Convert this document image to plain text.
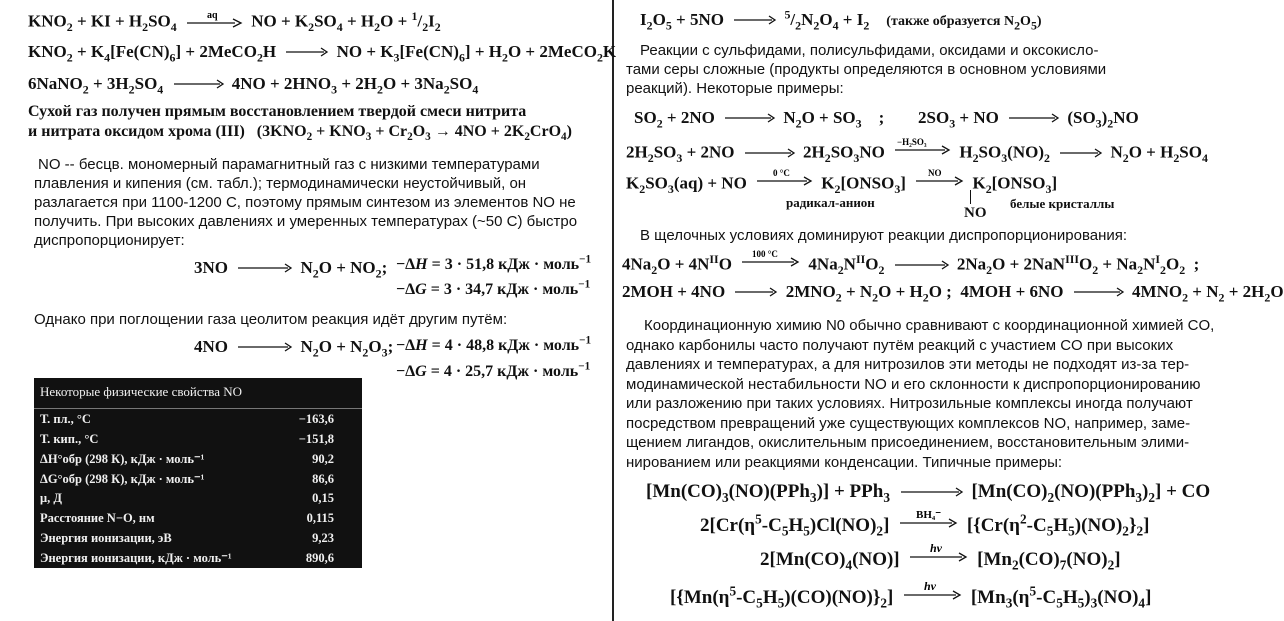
$KNO_2$ + KI + $H_2SO_4$
aq NO + $K_2SO_4 + H_2O + ^1/_2I_2$
$KNO_2 + K_4[Fe(CN)_6]$ + 2MeCO$_2$H → NO + $K_3[Fe(CN)_6] + H_2O$ + 2MeCO$_2$K
6NaNO$_2$ + $3H_2SO_4 \to 4NO + 2HNO_3 + 2H_2O + 3Na_2SO_4$
Сухой газ получен прямым восстановлением твердой смеси нитрита
и нитрата оксидом хрома (III) $(3KNO_2 + KNO_3 + Cr_2O_3 \to 4NO + 2K_2CrO_4)$
NO -- бесцв. мономерный парамагнитный газ с низкими температурами плавления и кипения (см. табл.); термодинамически неустойчивый, он разлагается при 1100-1200 С, поэтому прямым синтезом из элементов NO не получить. При высоких давлениях и умеренных температурах (~50 С) быстро диспропорционирует:
$3NO \to N_2O + NO_2$; −ΔH = 3 · 51,8 кДж · моль$^{-1}$
−ΔG = 3 · 34,7 кДж · моль$^{-1}$
Однако при поглощении газа цеолитом реакция идёт другим путём:
$4NO \to N_2O + N_2O_3$; −ΔH = 4 · 48,8 кДж · моль$^{-1}$
−ΔG = 4 · 25,7 кДж · моль$^{-1}$
Некоторые физические свойства NO	
Т. пл., °С	−163,6
Т. кип., °С	−151,8
ΔH°обр (298 К), кДж · моль⁻¹	90,2
ΔG°обр (298 К), кДж · моль⁻¹	86,6
μ, Д	0,15
Расстояние N−O, нм	0,115
Энергия ионизации, эВ	9,23
Энергия ионизации, кДж · моль⁻¹	890,6
$I_2O_5 + 5NO \to ^5/_2N_2O_4 + I_2$ (также образуется $N_2O_5$)
Реакции с сульфидами, полисульфидами, оксидами и оксокисло-
тами серы сложные (продукты определяются в основном условиями
реакций). Некоторые примеры:
$SO_2 + 2NO \to N_2O + SO_3$ ; $2SO_3$ + NO → $(SO_3)_2NO$
$2H_2SO_3 + 2NO \to 2H_2SO_3NO$
−H₂SO₃
$H_2SO_3(NO)_2 \to N_2O + H_2SO_4$
$K_2SO_3(aq)$ + NO
0 °C
$K_2[ONSO_3]$
NO
$K_2[ONSO_3]$
радикал-анион
NO
белые кристаллы
В щелочных условиях доминируют реакции диспропорционирования:
$4Na_2O + 4N^{II}O$
100 °C
$4Na_2N^{II}O_2 \to 2Na_2O + 2NaN^{III}O_2 + Na_2N^I_2O_2$ ;
$2MOH + 4NO \to 2MNO_2 + N_2O + H_2O$ ; $4MOH + 6NO \to 4MNO_2 + N_2 + 2H_2O$
Координационную химию N0 обычно сравнивают с координационной химией CO,
однако карбонилы часто получают путём реакций с участием CO при высоких
давлениях и температурах, а для нитрозилов эти методы не подходят из-за тер-
модинамической нестабильности NO и его склонности к диспропорционированию
или разложению при таких условиях. Нитрозильные комплексы иногда получают
посредством превращений уже существующих комплексов NO, например, заме-
щением лигандов, окислительным присоединением, восстановительным элими-
нированием или реакциями конденсации. Типичные примеры:
$[Mn(CO)_3(NO)(PPh_3)] + PPh_3 \to [Mn(CO)_2(NO)(PPh_3)_2]$ + CO
$2[Cr(\eta^5-C_5H_5)Cl(NO)_2]$ BH₄⁻ $[\{Cr(\eta^2-C_5H_5)(NO)_2\}_2]$
$2[Mn(CO)_4(NO)]$
hν
$[Mn_2(CO)_7(NO)_2]$
$[\{Mn(\eta^5-C_5H_5)(CO)(NO)\}_2]$
hν
$[Mn_3(\eta^5-C_5H_5)_3(NO)_4]$
